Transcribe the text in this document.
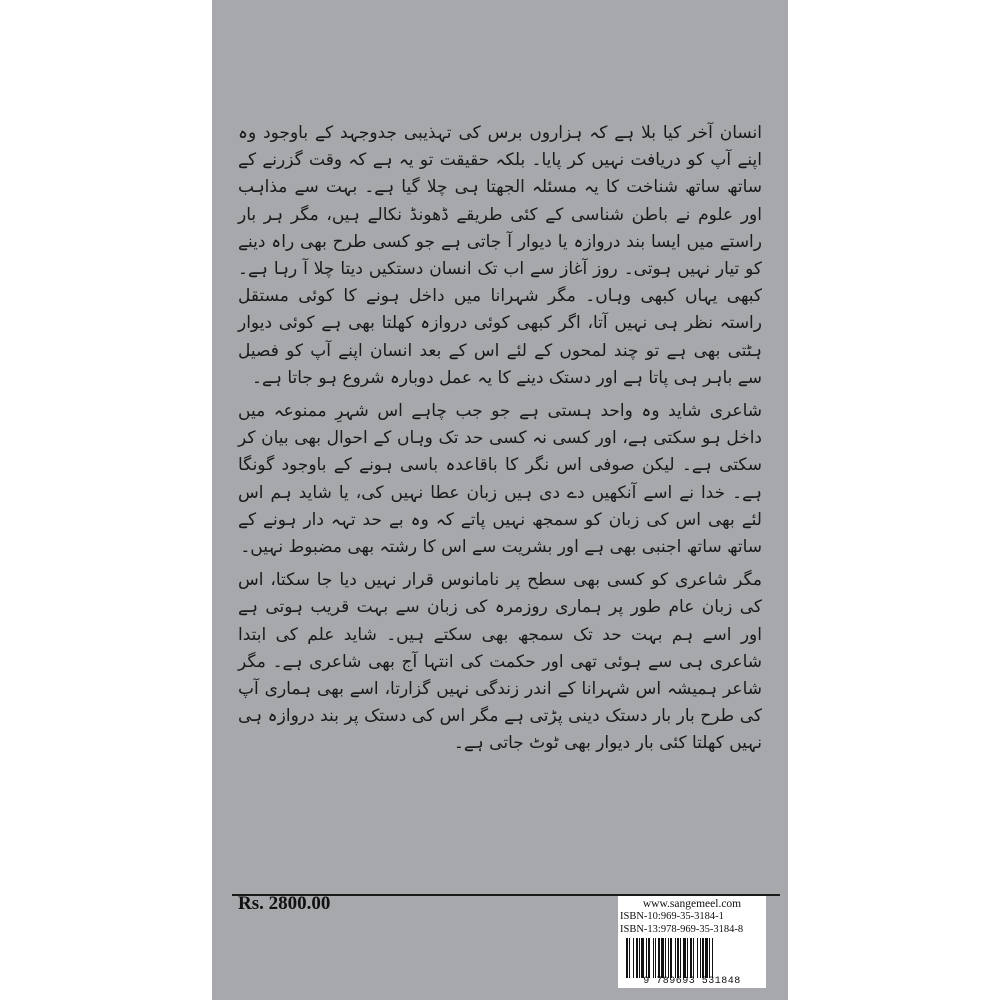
انسان آخر کیا بلا ہے کہ ہزاروں برس کی تہذیبی جدوجہد کے باوجود وہ اپنے آپ کو دریافت نہیں کر پایا۔ بلکہ حقیقت تو یہ ہے کہ وقت گزرنے کے ساتھ ساتھ شناخت کا یہ مسئلہ الجھتا ہی چلا گیا ہے۔ بہت سے مذاہب اور علوم نے باطن شناسی کے کئی طریقے ڈھونڈ نکالے ہیں، مگر ہر بار راستے میں ایسا بند دروازہ یا دیوار آ جاتی ہے جو کسی طرح بھی راہ دینے کو تیار نہیں ہوتی۔ روز آغاز سے اب تک انسان دستکیں دیتا چلا آ رہا ہے۔ کبھی یہاں کبھی وہاں۔ مگر شہرانا میں داخل ہونے کا کوئی مستقل راستہ نظر ہی نہیں آتا، اگر کبھی کوئی دروازہ کھلتا بھی ہے کوئی دیوار ہٹتی بھی ہے تو چند لمحوں کے لئے اس کے بعد انسان اپنے آپ کو فصیل سے باہر ہی پاتا ہے اور دستک دینے کا یہ عمل دوبارہ شروع ہو جاتا ہے۔

شاعری شاید وہ واحد ہستی ہے جو جب چاہے اس شہرِ ممنوعہ میں داخل ہو سکتی ہے، اور کسی نہ کسی حد تک وہاں کے احوال بھی بیان کر سکتی ہے۔ لیکن صوفی اس نگر کا باقاعدہ باسی ہونے کے باوجود گونگا ہے۔ خدا نے اسے آنکھیں دے دی ہیں زبان عطا نہیں کی، یا شاید ہم اس لئے بھی اس کی زبان کو سمجھ نہیں پاتے کہ وہ بے حد تہہ دار ہونے کے ساتھ ساتھ اجنبی بھی ہے اور بشریت سے اس کا رشتہ بھی مضبوط نہیں۔

مگر شاعری کو کسی بھی سطح پر نامانوس قرار نہیں دیا جا سکتا، اس کی زبان عام طور پر ہماری روزمرہ کی زبان سے بہت قریب ہوتی ہے اور اسے ہم بہت حد تک سمجھ بھی سکتے ہیں۔ شاید علم کی ابتدا شاعری ہی سے ہوئی تھی اور حکمت کی انتہا آج بھی شاعری ہے۔ مگر شاعر ہمیشہ اس شہرانا کے اندر زندگی نہیں گزارتا، اسے بھی ہماری آپ کی طرح بار بار دستک دینی پڑتی ہے مگر اس کی دستک پر بند دروازہ ہی نہیں کھلتا کئی بار دیوار بھی ٹوٹ جاتی ہے۔

Rs. 2800.00	www.sangemeel.com
ISBN-10:969-35-3184-1
ISBN-13:978-969-35-3184-8
9 789693 531848
